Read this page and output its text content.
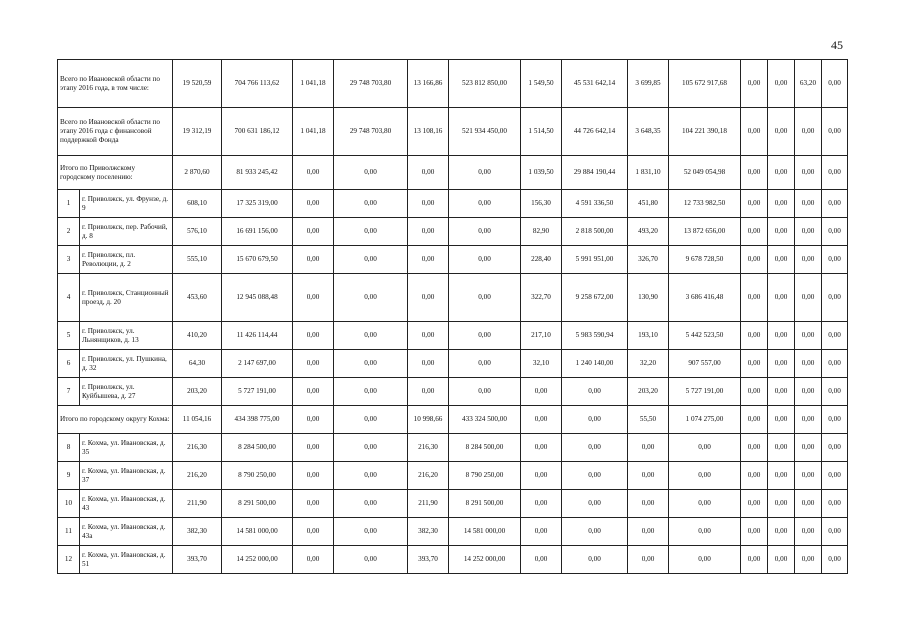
45
Всего по Ивановской области по этапу 2016 года, в том числе:		19 520,59	704 766 113,62	1 041,18	29 748 703,80	13 166,86	523 812 850,00	1 549,50	45 531 642,14	3 699,85	105 672 917,68	0,00	0,00	63,20	0,00
Всего по Ивановской области по этапу 2016 года с финансовой поддержкой Фонда		19 312,19	700 631 186,12	1 041,18	29 748 703,80	13 108,16	521 934 450,00	1 514,50	44 726 642,14	3 648,35	104 221 390,18	0,00	0,00	0,00	0,00
Итого по Приволжскому городскому поселению:		2 870,60	81 933 245,42	0,00	0,00	0,00	0,00	1 039,50	29 884 190,44	1 831,10	52 049 054,98	0,00	0,00	0,00	0,00
1	г. Приволжск, ул. Фрунзе, д. 9	608,10	17 325 319,00	0,00	0,00	0,00	0,00	156,30	4 591 336,50	451,80	12 733 982,50	0,00	0,00	0,00	0,00
2	г. Приволжск, пер. Рабочий, д. 8	576,10	16 691 156,00	0,00	0,00	0,00	0,00	82,90	2 818 500,00	493,20	13 872 656,00	0,00	0,00	0,00	0,00
3	г. Приволжск, пл. Революции, д. 2	555,10	15 670 679,50	0,00	0,00	0,00	0,00	228,40	5 991 951,00	326,70	9 678 728,50	0,00	0,00	0,00	0,00
4	г. Приволжск, Станционный проезд, д. 20	453,60	12 945 088,48	0,00	0,00	0,00	0,00	322,70	9 258 672,00	130,90	3 686 416,48	0,00	0,00	0,00	0,00
5	г. Приволжск, ул. Льнянщиков, д. 13	410,20	11 426 114,44	0,00	0,00	0,00	0,00	217,10	5 983 590,94	193,10	5 442 523,50	0,00	0,00	0,00	0,00
6	г. Приволжск, ул. Пушкина, д. 32	64,30	2 147 697,00	0,00	0,00	0,00	0,00	32,10	1 240 140,00	32,20	907 557,00	0,00	0,00	0,00	0,00
7	г. Приволжск, ул. Куйбышева, д. 27	203,20	5 727 191,00	0,00	0,00	0,00	0,00	0,00	0,00	203,20	5 727 191,00	0,00	0,00	0,00	0,00
Итого по городскому округу Кохма:		11 054,16	434 398 775,00	0,00	0,00	10 998,66	433 324 500,00	0,00	0,00	55,50	1 074 275,00	0,00	0,00	0,00	0,00
8	г. Кохма, ул. Ивановская, д. 35	216,30	8 284 500,00	0,00	0,00	216,30	8 284 500,00	0,00	0,00	0,00	0,00	0,00	0,00	0,00	0,00
9	г. Кохма, ул. Ивановская, д. 37	216,20	8 790 250,00	0,00	0,00	216,20	8 790 250,00	0,00	0,00	0,00	0,00	0,00	0,00	0,00	0,00
10	г. Кохма, ул. Ивановская, д. 43	211,90	8 291 500,00	0,00	0,00	211,90	8 291 500,00	0,00	0,00	0,00	0,00	0,00	0,00	0,00	0,00
11	г. Кохма, ул. Ивановская, д. 43а	382,30	14 581 000,00	0,00	0,00	382,30	14 581 000,00	0,00	0,00	0,00	0,00	0,00	0,00	0,00	0,00
12	г. Кохма, ул. Ивановская, д. 51	393,70	14 252 000,00	0,00	0,00	393,70	14 252 000,00	0,00	0,00	0,00	0,00	0,00	0,00	0,00	0,00
